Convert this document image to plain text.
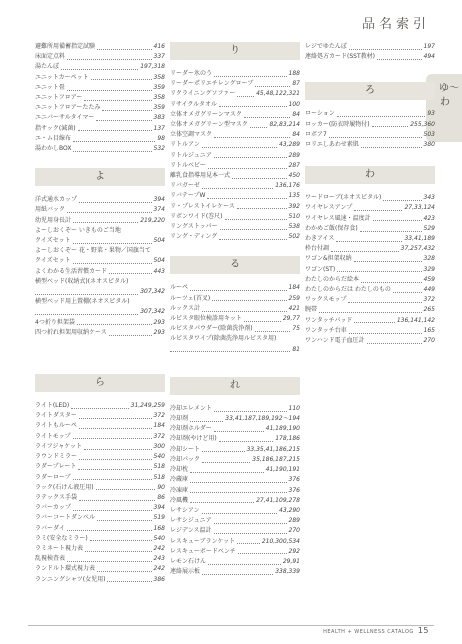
品名索引
ゆ〜わ
避難所用備蓄指定試験	416
床面定点料	337
湯たんぽ	197,318
ユニットカーペット	358
ユニット畳	359
ユニットフロアー	358
ユニットフロアーたたみ	359
ユニバーサルタイマー	383
指サック(減菌)	137
ユ・ム目線布	98
湯わかしBOX	532
よ
洋式通水カップ	394
用紙バック	374
幼児用身長計	219,220
よーしおくぞー いきものご当地
クイズセット	504
よーしおくぞー 花・野菜・果物／国旗当て
クイズセット	504
よくわかる生活習慣カード	443
横型ベッド(収納式)(ネオスピタル)
307,342
横型ベッド用上置棚(ネオスピタル)
307,342
4つ折り担架袋	293
四つ折れ担架用収納ケース	293
ら
ライト(LED)	31,249,259
ライトダスター	372
ライトもルーペ	184
ライトモップ	372
ライフジャケット	300
ラウンドミラー	540
ラダープレート	518
ラダーロープ	518
ラック(石けん液圧用)	90
ラテックス手袋	86
ラバーカップ	394
ラバーコートダンベル	519
ラバーダイ	168
ラミ(安全なミラー)	540
ラミネート視力表	242
乱視検査表	243
ランドルト環式視力表	242
ランニングシャツ(女児用)	386
り
リーダー氷のう	188
リーダーポリエチレングローブ	87
リクライニングソファー	45,48,122,321
リサイクルタオル	100
立体オメガグリーンマスク	84
立体オメガグリーン型マスク	82,83,214
立体空調マスク	84
リトルアン	43,289
リトルジュニア	289
リトルベビー	287
離乳食指導用見本一式	450
リバガーゼ	136,176
リバテープW	135
リ・プレストイレケース	392
リボンワイド(巻尺)	510
リングストッパー	538
リング・ディング	502
る
ルーペ	184
ルーツェ(首叉)	259
ルックス計	421
ルビスタ眼位検診用キット	29,77
ルビスタパウダー(除菌洗浄剤)	75
ルビスタワイプ(除菌洗浄用ルビスタ用)
81
れ
冷却エレメント	110
冷却剤	33,41,187,189,192〜194
冷却剤ホルダー	41,189,190
冷却剤(やけど用)	178,186
冷却シート	33,35,41,186,215
冷却パック	35,186,187,215
冷却枕	41,190,191
冷蔵庫	376
冷凍庫	376
冷風機	27,41,109,278
レサシアン	43,290
レサシジュニア	289
レジデンス温計	270
レスキューブランケット	210,300,534
レスキューボードベンチ	292
レモン石けん	29,91
連絡展示板	338,339
レジでゆたんぽ	197
連絡処方カード(SST教材)	494
ろ
ローション	93
ロッカー(防衣時履物付)	255,360
ロボア7	503
ロリエしあわせ素肌	380
わ
ワードローブ(ネオスピタル)	343
ワイヤレスアンプ	27,33,124
ワイヤレス風速・温度計	423
わかめご飯(保存食)	529
わきアイス	33,41,189
枠台付調	37,257,432
ワゴン&担架収納	328
ワゴン(ST)	329
わたしのからだ絵本	459
わたしのからだは わたしのもの	449
ワックスモップ	372
腕帯	265
ワンタッチパッド	136,141,142
ワンタッチ台車	165
ワンハンド電子血圧計	270
HEALTH + WELLNESS CATALOG 15
